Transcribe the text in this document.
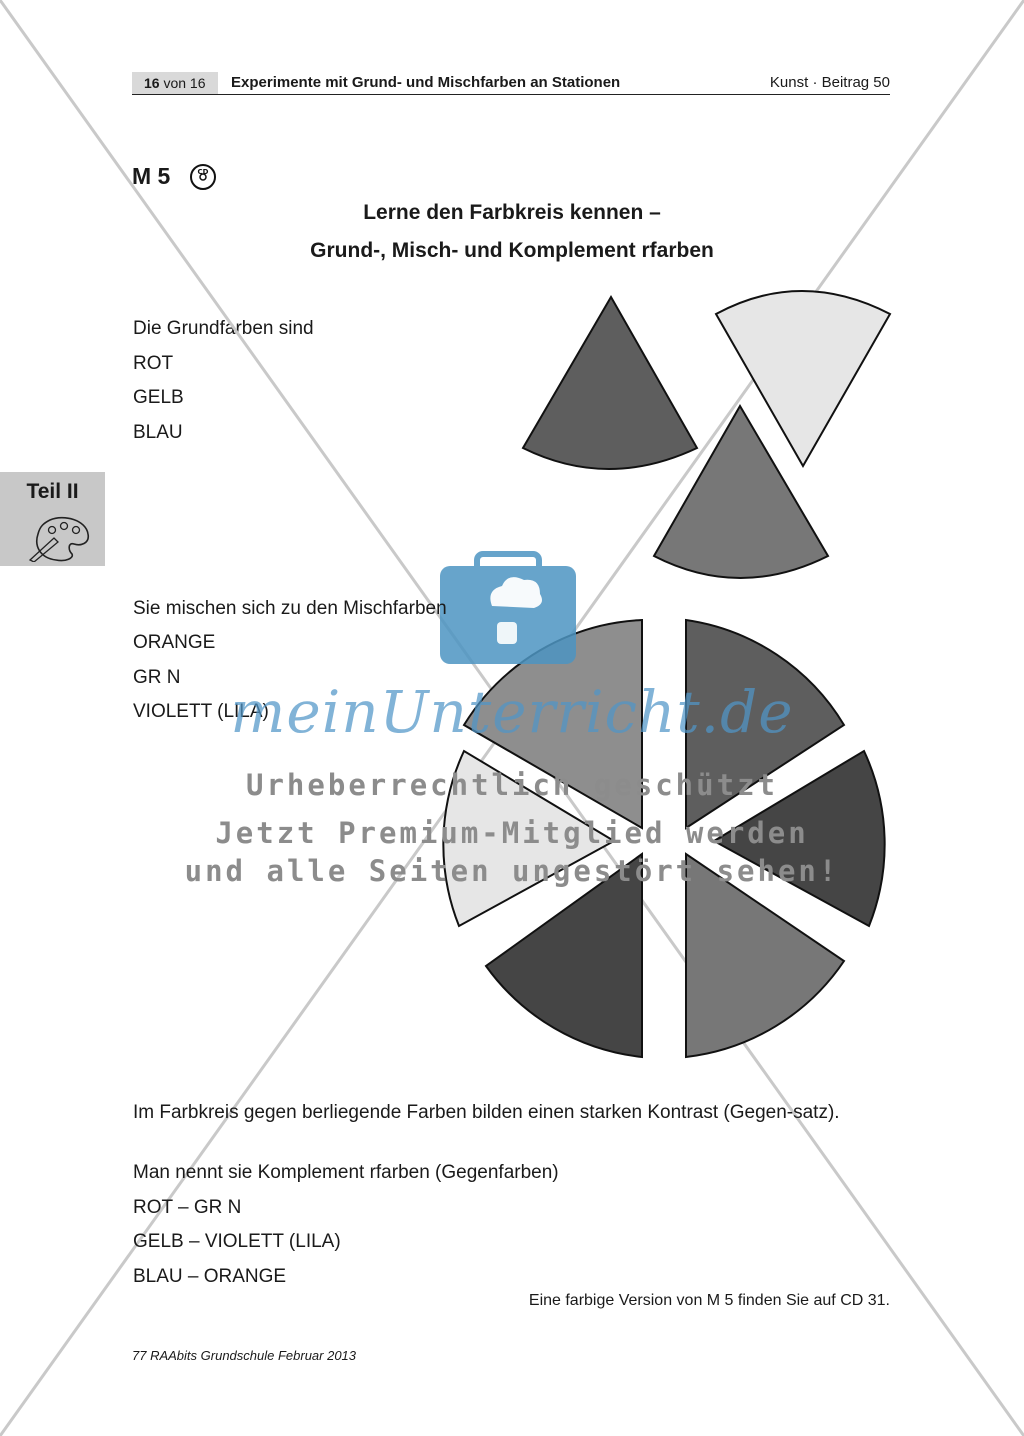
16 von 16	Experimente mit Grund- und Mischfarben an Stationen	Kunst · Beitrag 50
Teil II
M 5	CD
Lerne den Farbkreis kennen –
Grund-, Misch- und Komplement rfarben
Die Grundfarben sind
ROT
GELB
BLAU
Sie mischen sich zu den Mischfarben
ORANGE
GR N
VIOLETT (LILA)
meinUnterricht.de
Urheberrechtlich geschützt
Jetzt Premium-Mitglied werden
und alle Seiten ungestört sehen!
Im Farbkreis gegen berliegende Farben bilden einen starken Kontrast (Gegen-satz).
Man nennt sie Komplement rfarben (Gegenfarben)
ROT – GR N
GELB – VIOLETT (LILA)
BLAU – ORANGE
Eine farbige Version von M 5 finden Sie auf CD 31.
77 RAAbits Grundschule Februar 2013
